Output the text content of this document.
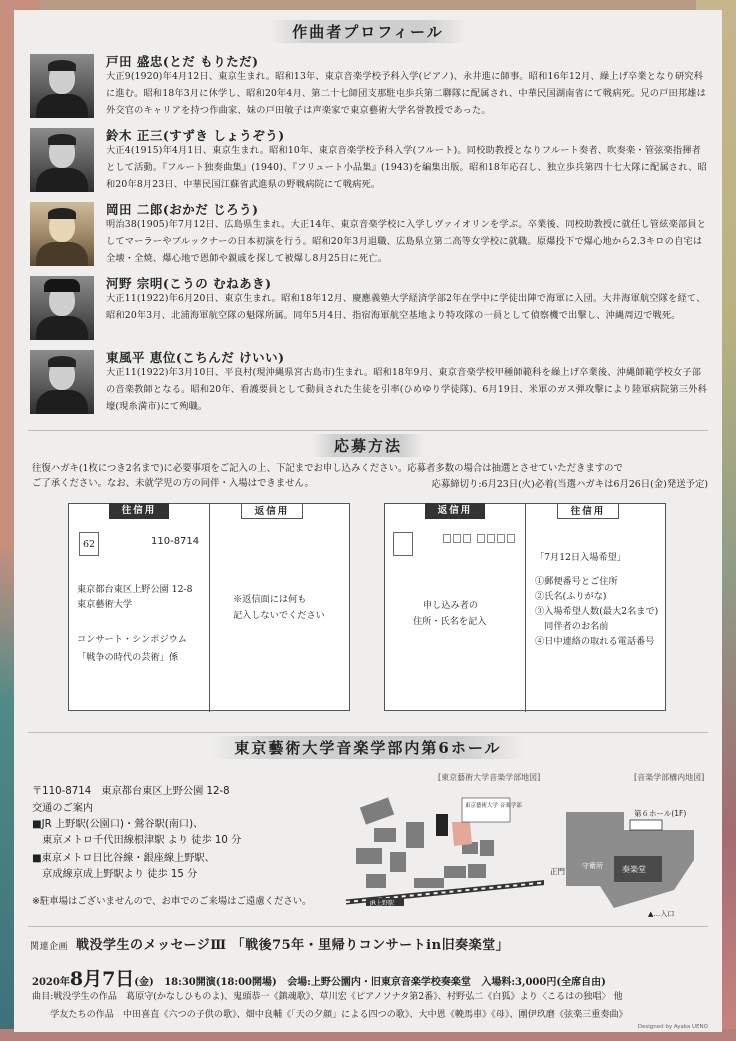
作曲者プロフィール
戸田 盛忠(とだ もりただ)
大正9(1920)年4月12日、東京生まれ。昭和13年、東京音楽学校予科入学(ピアノ)、永井進に師事。昭和16年12月、繰上げ卒業となり研究科に進む。昭和18年3月に休学し、昭和20年4月、第二十七師団支那駐屯歩兵第二聯隊に配属され、中華民国湖南省にて戦病死。兄の戸田邦雄は外交官のキャリアを持つ作曲家、妹の戸田敏子は声楽家で東京藝術大学名誉教授であった。
鈴木 正三(すずき しょうぞう)
大正4(1915)年4月1日、東京生まれ。昭和10年、東京音楽学校予科入学(フルート)。同校助教授となりフルート奏者、吹奏楽・管弦楽指揮者として活動。『フルート独奏曲集』(1940)、『フリュート小品集』(1943)を編集出版。昭和18年応召し、独立歩兵第四十七大隊に配属され、昭和20年8月23日、中華民国江蘇省武進県の野戦病院にて戦病死。
岡田 二郎(おかだ じろう)
明治38(1905)年7月12日、広島県生まれ。大正14年、東京音楽学校に入学しヴァイオリンを学ぶ。卒業後、同校助教授に就任し管絃楽部員としてマーラーやブルックナーの日本初演を行う。昭和20年3月退職、広島県立第二高等女学校に就職。原爆投下で爆心地から2.3キロの自宅は全壊・全焼、爆心地で恩師や親戚を探して被爆し8月25日に死亡。
河野 宗明(こうの むねあき)
大正11(1922)年6月20日、東京生まれ。昭和18年12月、慶應義塾大学経済学部2年在学中に学徒出陣で海軍に入団。大井海軍航空隊を経て、昭和20年3月、北浦海軍航空隊の魁隊所属。同年5月4日、指宿海軍航空基地より特攻隊の一員として偵察機で出撃し、沖縄周辺で戦死。
東風平 恵位(こちんだ けいい)
大正11(1922)年3月10日、平良村(現沖縄県宮古島市)生まれ。昭和18年9月、東京音楽学校甲種師範科を繰上げ卒業後、沖縄師範学校女子部の音楽教師となる。昭和20年、看護要員として動員された生徒を引率(ひめゆり学徒隊)、6月19日、米軍のガス弾攻撃により陸軍病院第三外科壕(現糸満市)にて殉職。
応募方法
往復ハガキ(1枚につき2名まで)に必要事項をご記入の上、下記までお申し込みください。応募者多数の場合は抽選とさせていただきますので
ご了承ください。なお、未就学児の方の同伴・入場はできません。	応募締切り:6月23日(火)必着(当選ハガキは6月26日(金)発送予定)
往信用	返信用
62	110-8714
東京都台東区上野公園 12-8
東京藝術大学
コンサート・シンポジウム
「戦争の時代の芸術」係
※返信面には何も
記入しないでください
返信用	往信用
申し込み者の
住所・氏名を記入
「7月12日入場希望」
①郵便番号とご住所
②氏名(ふりがな)
③入場希望人数(最大2名まで)
　同伴者のお名前
④日中連絡の取れる電話番号
東京藝術大学音楽学部内第6ホール
〒110-8714　東京都台東区上野公園 12-8
交通のご案内
■JR 上野駅(公園口)・鶯谷駅(南口)、
　東京メトロ千代田線根津駅 より 徒歩 10 分
■東京メトロ日比谷線・銀座線上野駅、
　京成線京成上野駅より 徒歩 15 分
※駐車場はございませんので、お車でのご来場はご遠慮ください。
[東京藝術大学音楽学部地図]
JR上野駅
東京藝術大学 音楽学部
[音楽学部構内地図]
第６ホール(1F)
正門
守衛所 奏楽堂
▲…入口
関連企画 戦没学生のメッセージⅢ 「戦後75年・里帰りコンサートin旧奏楽堂」
2020年8月7日(金) 18:30開演(18:00開場) 会場:上野公園内・旧東京音楽学校奏楽堂 入場料:3,000円(全席自由)
曲目:戦没学生の作品　葛原守(かなしひものよ)、鬼頭恭一《鎮魂歌》、草川宏《ピアノソナタ第2番》、村野弘二《白狐》より〈こるはの独唱〉 他
　　学友たちの作品　中田喜直《六つの子供の歌》、畑中良輔《「天の夕顔」による四つの歌》、大中恩《輓馬車》《母》、團伊玖磨《弦楽三重奏曲》
Designed by Ayaka UENO
